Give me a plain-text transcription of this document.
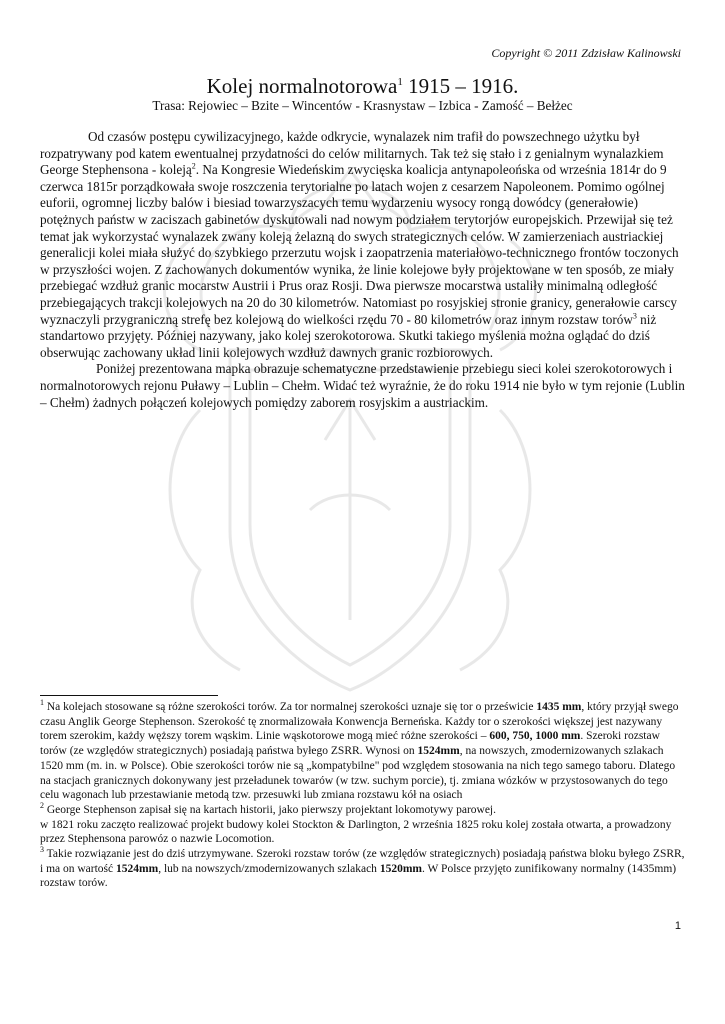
Copyright © 2011 Zdzisław Kalinowski
Kolej normalnotorowa$^1$ 1915 – 1916.
Trasa: Rejowiec – Bzite – Wincentów - Krasnystaw – Izbica - Zamość – Bełżec

Od czasów postępu cywilizacyjnego, każde odkrycie, wynalazek nim trafił do powszechnego użytku był rozpatrywany pod katem ewentualnej przydatności do celów militarnych. Tak też się stało i z genialnym wynalazkiem George Stephensona - koleją$^2$. Na Kongresie Wiedeńskim zwycięska koalicja antynapoleońska od września 1814r do 9 czerwca 1815r porządkowała swoje roszczenia terytorialne po latach wojen z cesarzem Napoleonem. Pomimo ogólnej euforii, ogromnej liczby balów i biesiad towarzyszacych temu wydarzeniu wysocy rongą dowódcy (generałowie) potężnych państw w zaciszach gabinetów dyskutowali nad nowym podziałem terytorjów europejskich. Przewijał się też temat jak wykorzystać wynalazek zwany koleją żelazną do swych strategicznych celów. W zamierzeniach austriackiej generalicji kolei miała służyć do szybkiego przerzutu wojsk i zaopatrzenia materiałowo-technicznego frontów toczonych w przyszłości wojen. Z zachowanych dokumentów wynika, że linie kolejowe były projektowane w ten sposób, ze miały przebiegać wzdłuż granic mocarstw Austrii i Prus oraz Rosji. Dwa pierwsze mocarstwa ustaliły minimalną odległość przebiegających trakcji kolejowych na 20 do 30 kilometrów. Natomiast po rosyjskiej stronie granicy, generałowie carscy wyznaczyli przygraniczną strefę bez kolejową do wielkości rzędu 70 - 80 kilometrów oraz innym rozstaw torów$^3$ niż standartowo przyjęty. Później nazywany, jako kolej szerokotorowa. Skutki takiego myślenia można oglądać do dziś obserwując zachowany układ linii kolejowych wzdłuż dawnych granic rozbiorowych.

Poniżej prezentowana mapka obrazuje schematyczne przedstawienie przebiegu sieci kolei szerokotorowych i normalnotorowych rejonu Puławy – Lublin – Chełm. Widać też wyraźnie, że do roku 1914 nie było w tym rejonie (Lublin – Chełm) żadnych połączeń kolejowych pomiędzy zaborem rosyjskim a austriackim.

$^1$ Na kolejach stosowane są różne szerokości torów. Za tor normalnej szerokości uznaje się tor o prześwicie 1435 mm, który przyjął swego czasu Anglik George Stephenson. Szerokość tę znormalizowała Konwencja Berneńska. Każdy tor o szerokości większej jest nazywany torem szerokim, każdy węższy torem wąskim. Linie wąskotorowe mogą mieć różne szerokości – 600, 750, 1000 mm. Szeroki rozstaw torów (ze względów strategicznych) posiadają państwa byłego ZSRR. Wynosi on 1524mm, na nowszych, zmodernizowanych szlakach 1520 mm (m. in. w Polsce). Obie szerokości torów nie są „kompatybilne" pod względem stosowania na nich tego samego taboru. Dlatego na stacjach granicznych dokonywany jest przeładunek towarów (w tzw. suchym porcie), tj. zmiana wózków w przystosowanych do tego celu wagonach lub przestawianie metodą tzw. przesuwki lub zmiana rozstawu kół na osiach

$^2$ George Stephenson zapisał się na kartach historii, jako pierwszy projektant lokomotywy parowej.

w 1821 roku zaczęto realizować projekt budowy kolei Stockton & Darlington, 2 września 1825 roku kolej została otwarta, a prowadzony przez Stephensona parowóz o nazwie Locomotion.

$^3$ Takie rozwiązanie jest do dziś utrzymywane. Szeroki rozstaw torów (ze względów strategicznych) posiadają państwa bloku byłego ZSRR, i ma on wartość 1524mm, lub na nowszych/zmodernizowanych szlakach 1520mm. W Polsce przyjęto zunifikowany normalny (1435mm) rozstaw torów.

1
